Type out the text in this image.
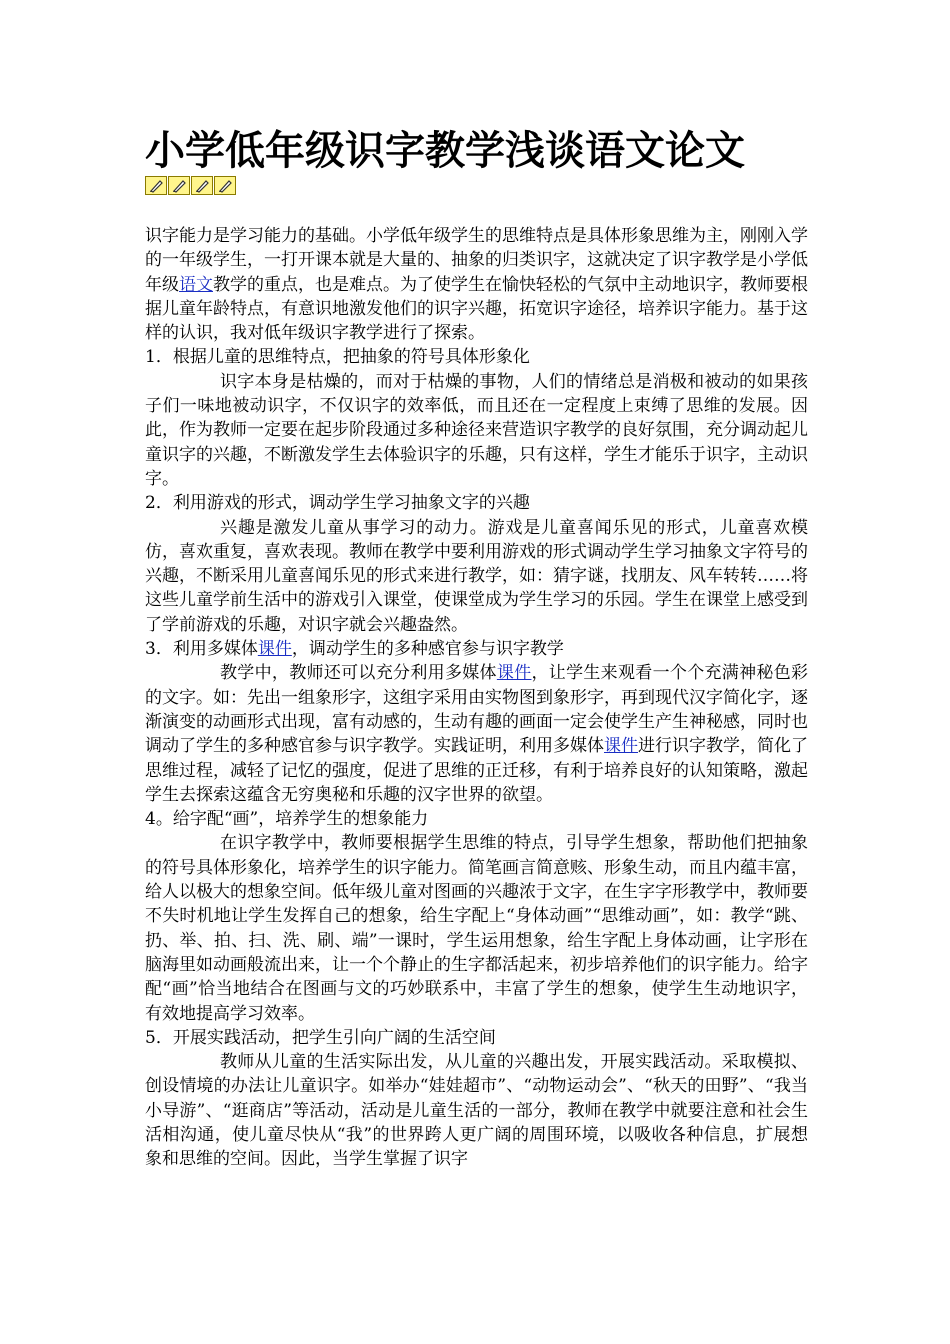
小学低年级识字教学浅谈语文论文

识字能力是学习能力的基础。小学低年级学生的思维特点是具体形象思维为主，刚刚入学的一年级学生，一打开课本就是大量的、抽象的归类识字，这就决定了识字教学是小学低年级语文教学的重点，也是难点。为了使学生在愉快轻松的气氛中主动地识字，教师要根据儿童年龄特点，有意识地激发他们的识字兴趣，拓宽识字途径，培养识字能力。基于这样的认识，我对低年级识字教学进行了探索。

1．根据儿童的思维特点，把抽象的符号具体形象化

识字本身是枯燥的，而对于枯燥的事物，人们的情绪总是消极和被动的如果孩子们一味地被动识字，不仅识字的效率低，而且还在一定程度上束缚了思维的发展。因此，作为教师一定要在起步阶段通过多种途径来营造识字教学的良好氛围，充分调动起儿童识字的兴趣，不断激发学生去体验识字的乐趣，只有这样，学生才能乐于识字，主动识字。

2．利用游戏的形式，调动学生学习抽象文字的兴趣

兴趣是激发儿童从事学习的动力。游戏是儿童喜闻乐见的形式，儿童喜欢模仿，喜欢重复，喜欢表现。教师在教学中要利用游戏的形式调动学生学习抽象文字符号的兴趣，不断采用儿童喜闻乐见的形式来进行教学，如：猜字谜，找朋友、风车转转……将这些儿童学前生活中的游戏引入课堂，使课堂成为学生学习的乐园。学生在课堂上感受到了学前游戏的乐趣，对识字就会兴趣盎然。

3．利用多媒体课件，调动学生的多种感官参与识字教学

教学中，教师还可以充分利用多媒体课件，让学生来观看一个个充满神秘色彩的文字。如：先出一组象形字，这组字采用由实物图到象形字，再到现代汉字简化字，逐渐演变的动画形式出现，富有动感的，生动有趣的画面一定会使学生产生神秘感，同时也调动了学生的多种感官参与识字教学。实践证明，利用多媒体课件进行识字教学，简化了思维过程，减轻了记忆的强度，促进了思维的正迁移，有利于培养良好的认知策略，激起学生去探索这蕴含无穷奥秘和乐趣的汉字世界的欲望。

4。给字配“画”，培养学生的想象能力

在识字教学中，教师要根据学生思维的特点，引导学生想象，帮助他们把抽象的符号具体形象化，培养学生的识字能力。简笔画言简意赅、形象生动，而且内蕴丰富，给人以极大的想象空间。低年级儿童对图画的兴趣浓于文字，在生字字形教学中，教师要不失时机地让学生发挥自己的想象，给生字配上“身体动画”“思维动画”，如：教学“跳、扔、举、拍、扫、洗、刷、端”一课时，学生运用想象，给生字配上身体动画，让字形在脑海里如动画般流出来，让一个个静止的生字都活起来，初步培养他们的识字能力。给字配“画”恰当地结合在图画与文的巧妙联系中，丰富了学生的想象，使学生生动地识字，有效地提高学习效率。

5．开展实践活动，把学生引向广阔的生活空间

教师从儿童的生活实际出发，从儿童的兴趣出发，开展实践活动。采取模拟、创设情境的办法让儿童识字。如举办“娃娃超市”、“动物运动会”、“秋天的田野”、“我当小导游”、“逛商店”等活动，活动是儿童生活的一部分，教师在教学中就要注意和社会生活相沟通，使儿童尽快从“我”的世界跨人更广阔的周围环境，以吸收各种信息，扩展想象和思维的空间。因此，当学生掌握了识字
